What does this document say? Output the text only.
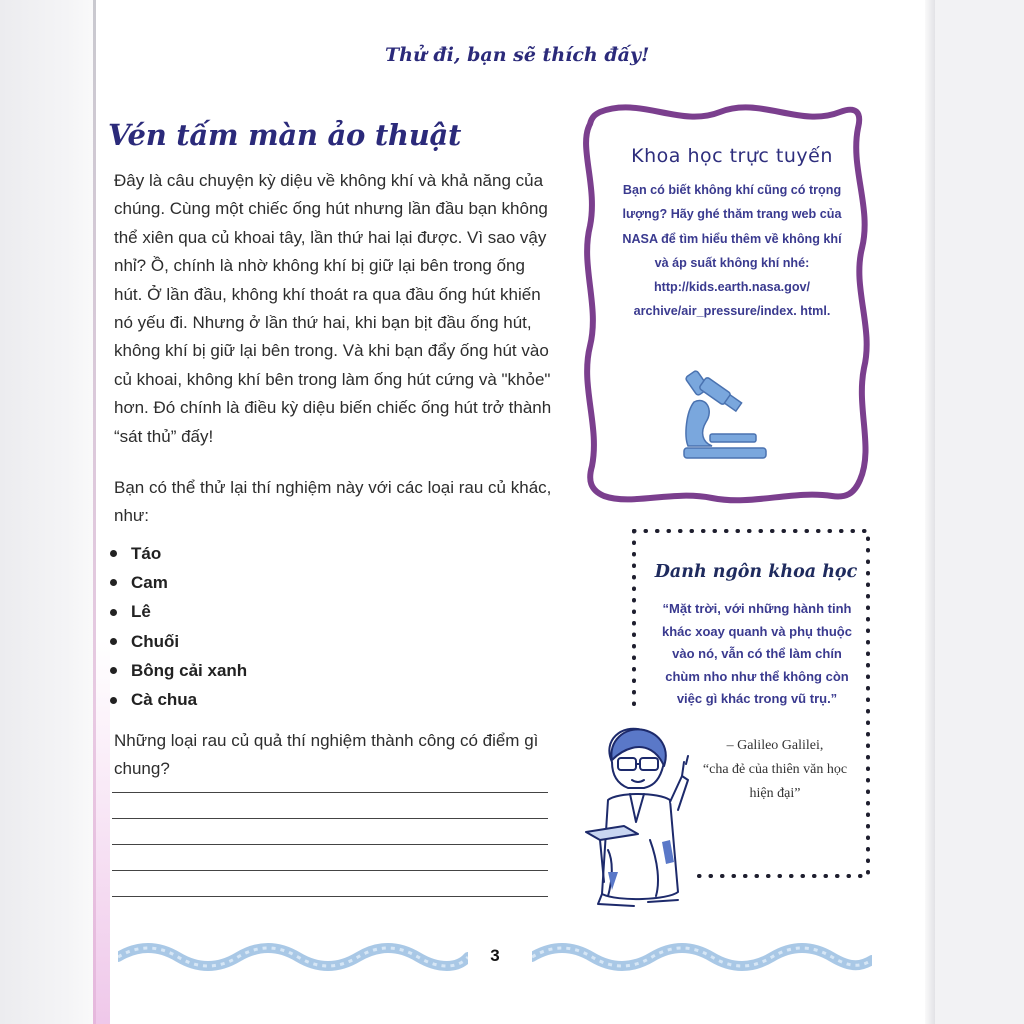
Thử đi, bạn sẽ thích đấy!
Vén tấm màn ảo thuật

Đây là câu chuyện kỳ diệu về không khí và khả năng của chúng. Cùng một chiếc ống hút nhưng lần đầu bạn không thể xiên qua củ khoai tây, lần thứ hai lại được. Vì sao vậy nhỉ? Ồ, chính là nhờ không khí bị giữ lại bên trong ống hút. Ở lần đầu, không khí thoát ra qua đầu ống hút khiến nó yếu đi. Nhưng ở lần thứ hai, khi bạn bịt đầu ống hút, không khí bị giữ lại bên trong. Và khi bạn đẩy ống hút vào củ khoai, không khí bên trong làm ống hút cứng và "khỏe" hơn. Đó chính là điều kỳ diệu biến chiếc ống hút trở thành “sát thủ” đấy!

Bạn có thể thử lại thí nghiệm này với các loại rau củ khác, như:

Táo
Cam
Lê
Chuối
Bông cải xanh
Cà chua

Những loại rau củ quả thí nghiệm thành công có điểm gì chung?

Khoa học trực tuyến
Bạn có biết không khí cũng có trọng lượng? Hãy ghé thăm trang web của NASA để tìm hiểu thêm về không khí và áp suất không khí nhé: http://kids.earth.nasa.gov/ archive/air_pressure/index. html.
Danh ngôn khoa học
“Mặt trời, với những hành tinh khác xoay quanh và phụ thuộc vào nó, vẫn có thể làm chín chùm nho như thể không còn việc gì khác trong vũ trụ.”
– Galileo Galilei,
“cha đẻ của thiên văn học hiện đại”
3
